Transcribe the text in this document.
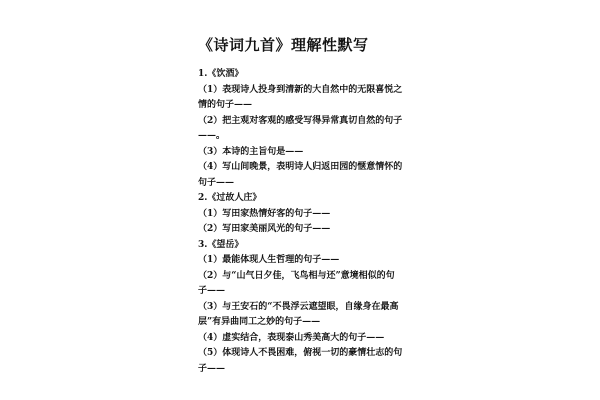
《诗词九首》理解性默写
1.《饮酒》
（1）表现诗人投身到清新的大自然中的无限喜悦之
情的句子——
（2）把主观对客观的感受写得异常真切自然的句子
——。
（3）本诗的主旨句是——
（4）写山间晚景，表明诗人归返田园的惬意情怀的
句子——
2.《过故人庄》
（1）写田家热情好客的句子——
（2）写田家美丽风光的句子——
3.《望岳》
（1）最能体现人生哲理的句子——
（2）与“山气日夕佳，飞鸟相与还”意境相似的句
子——
（3）与王安石的“不畏浮云遮望眼，自缘身在最高
层”有异曲同工之妙的句子——
（4）虚实结合，表现泰山秀美高大的句子——
（5）体现诗人不畏困难，俯视一切的豪情壮志的句
子——
